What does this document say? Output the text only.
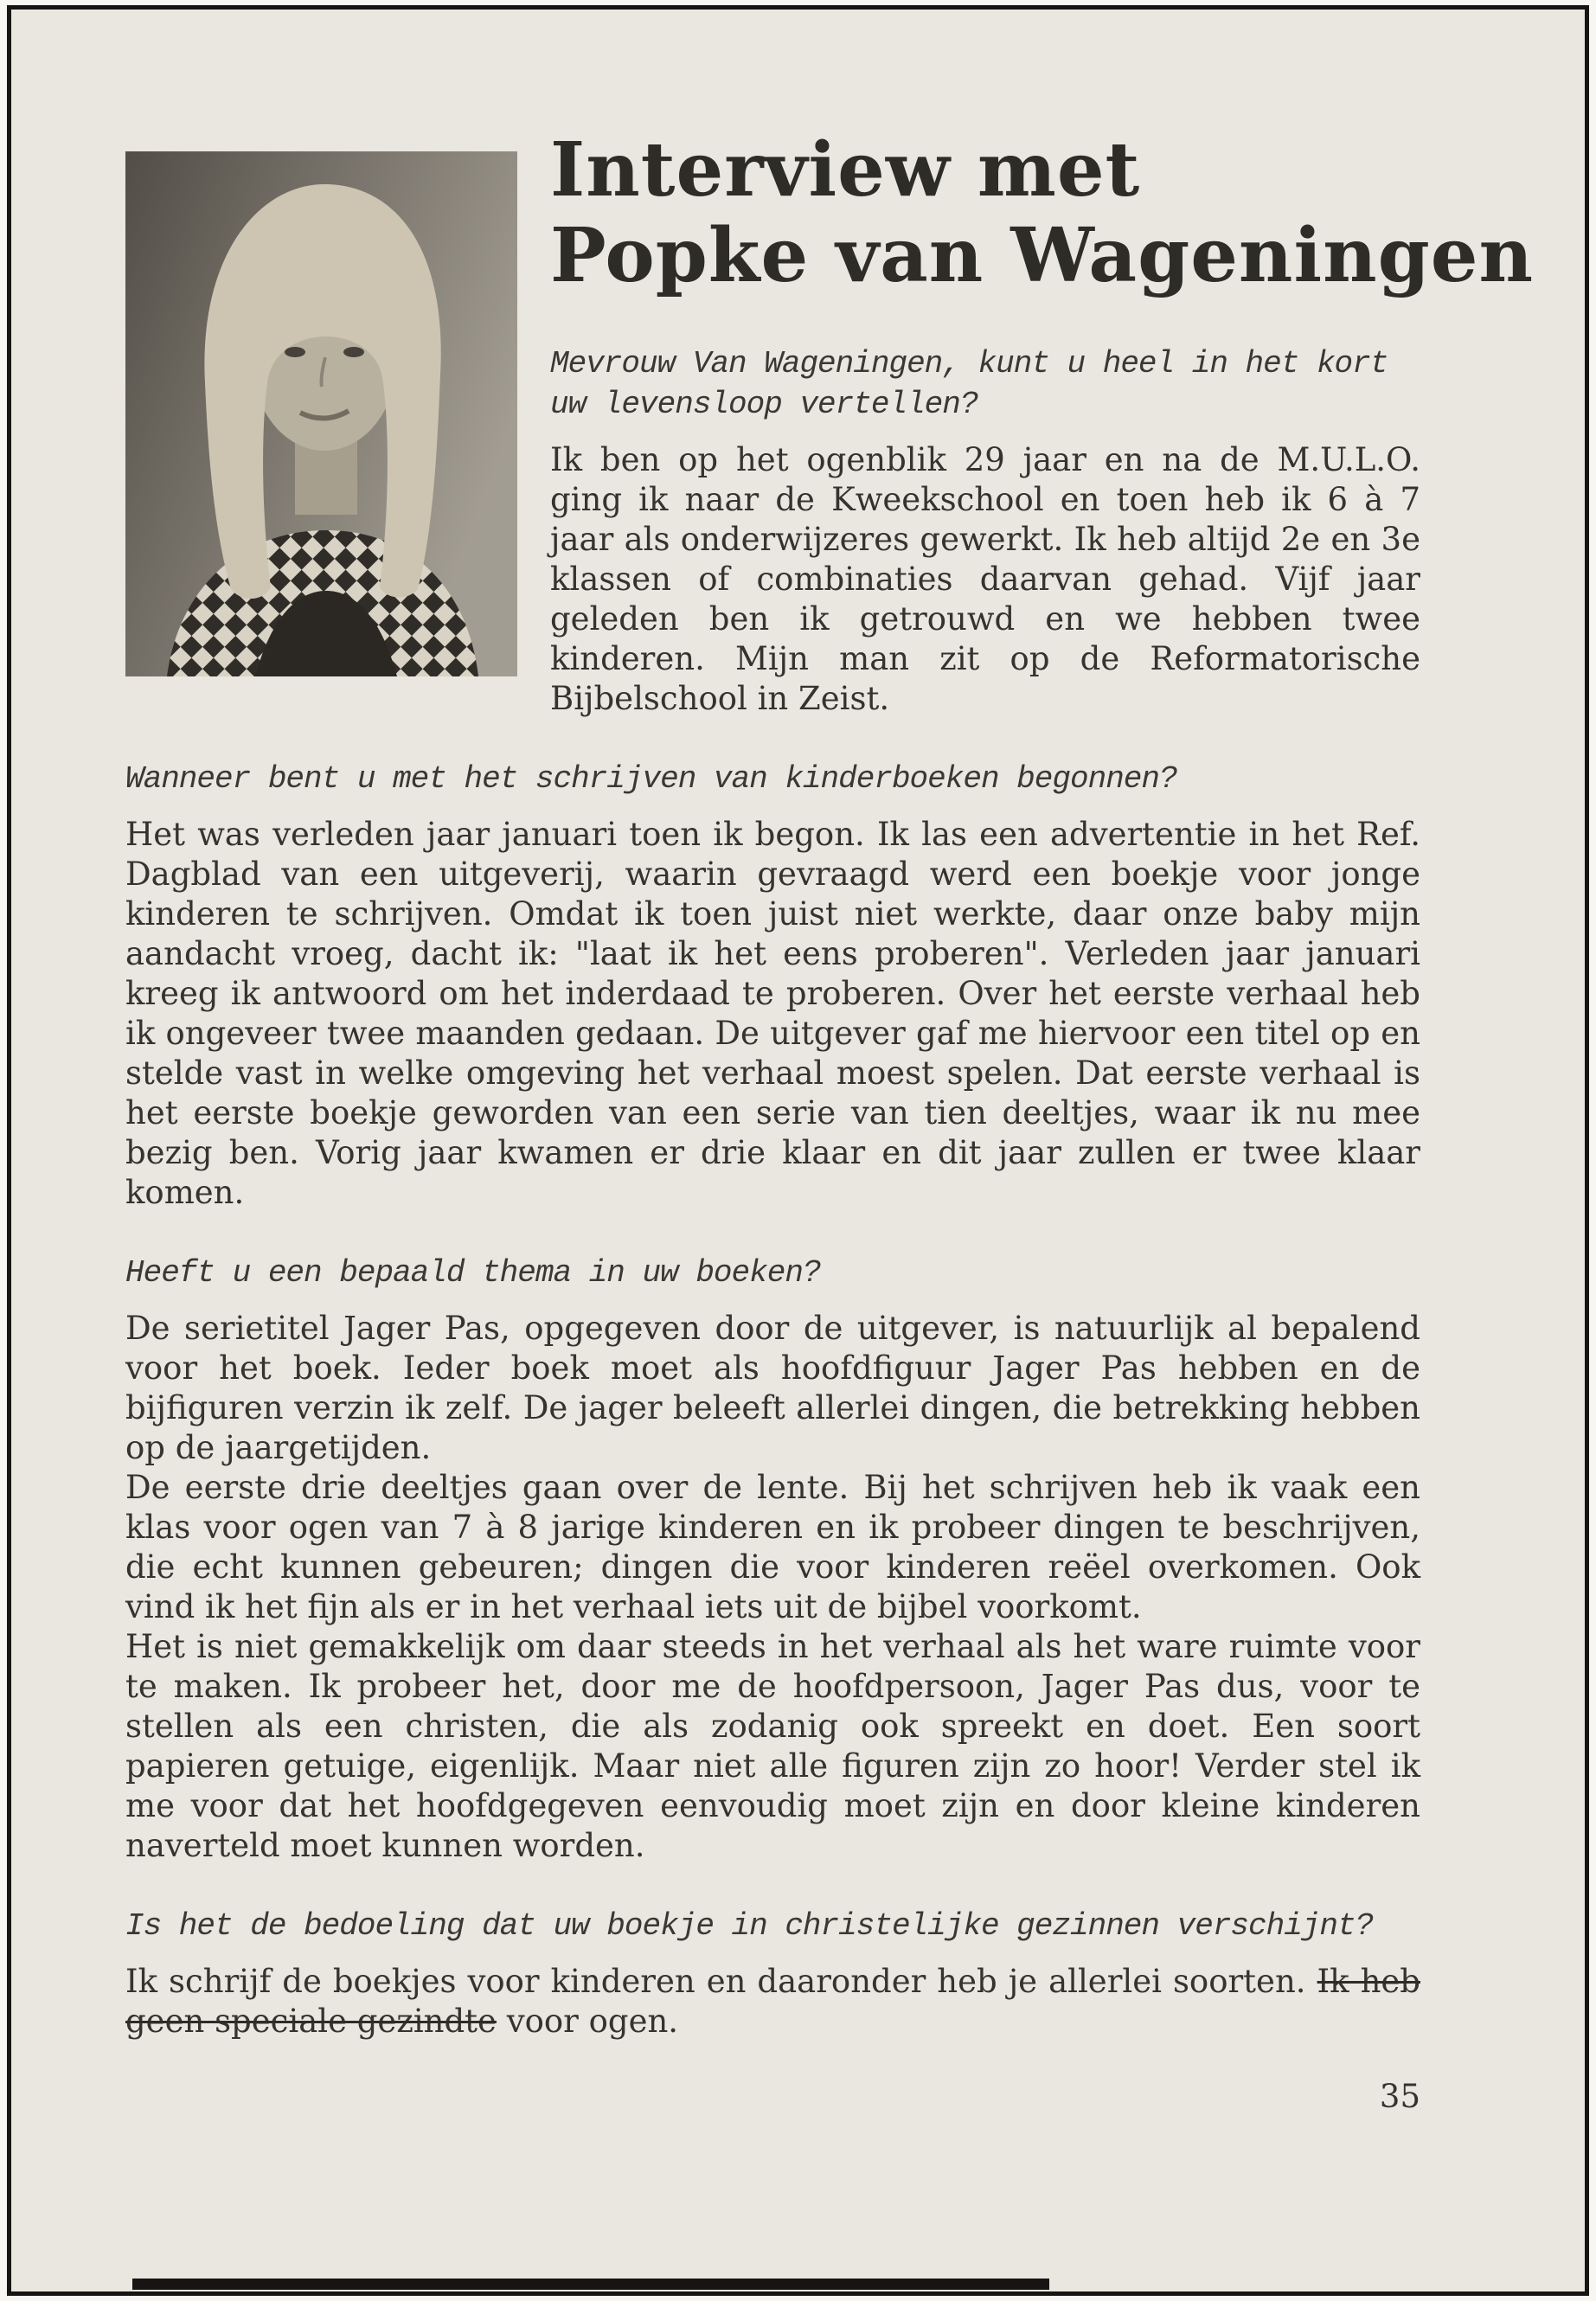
Interview met
Popke van Wageningen

Mevrouw Van Wageningen, kunt u heel in het kort uw levensloop vertellen?

Ik ben op het ogenblik 29 jaar en na de M.U.L.O. ging ik naar de Kweekschool en toen heb ik 6 à 7 jaar als onderwijzeres gewerkt. Ik heb altijd 2e en 3e klassen of combinaties daarvan gehad. Vijf jaar geleden ben ik getrouwd en we hebben twee kinderen. Mijn man zit op de Reformatorische Bijbelschool in Zeist.

Wanneer bent u met het schrijven van kinderboeken begonnen?

Het was verleden jaar januari toen ik begon. Ik las een advertentie in het Ref. Dagblad van een uitgeverij, waarin gevraagd werd een boekje voor jonge kinderen te schrijven. Omdat ik toen juist niet werkte, daar onze baby mijn aandacht vroeg, dacht ik: "laat ik het eens proberen". Verleden jaar januari kreeg ik antwoord om het inderdaad te proberen. Over het eerste verhaal heb ik ongeveer twee maanden gedaan. De uitgever gaf me hiervoor een titel op en stelde vast in welke omgeving het verhaal moest spelen. Dat eerste verhaal is het eerste boekje geworden van een serie van tien deeltjes, waar ik nu mee bezig ben. Vorig jaar kwamen er drie klaar en dit jaar zullen er twee klaar komen.

Heeft u een bepaald thema in uw boeken?

De serietitel Jager Pas, opgegeven door de uitgever, is natuurlijk al bepalend voor het boek. Ieder boek moet als hoofdfiguur Jager Pas hebben en de bijfiguren verzin ik zelf. De jager beleeft allerlei dingen, die betrekking hebben op de jaargetijden.

De eerste drie deeltjes gaan over de lente. Bij het schrijven heb ik vaak een klas voor ogen van 7 à 8 jarige kinderen en ik probeer dingen te beschrijven, die echt kunnen gebeuren; dingen die voor kinderen reëel overkomen. Ook vind ik het fijn als er in het verhaal iets uit de bijbel voorkomt.

Het is niet gemakkelijk om daar steeds in het verhaal als het ware ruimte voor te maken. Ik probeer het, door me de hoofdpersoon, Jager Pas dus, voor te stellen als een christen, die als zodanig ook spreekt en doet. Een soort papieren getuige, eigenlijk. Maar niet alle figuren zijn zo hoor! Verder stel ik me voor dat het hoofdgegeven eenvoudig moet zijn en door kleine kinderen naverteld moet kunnen worden.

Is het de bedoeling dat uw boekje in christelijke gezinnen verschijnt?

Ik schrijf de boekjes voor kinderen en daaronder heb je allerlei soorten. Ik heb geen speciale gezindte voor ogen.

35
